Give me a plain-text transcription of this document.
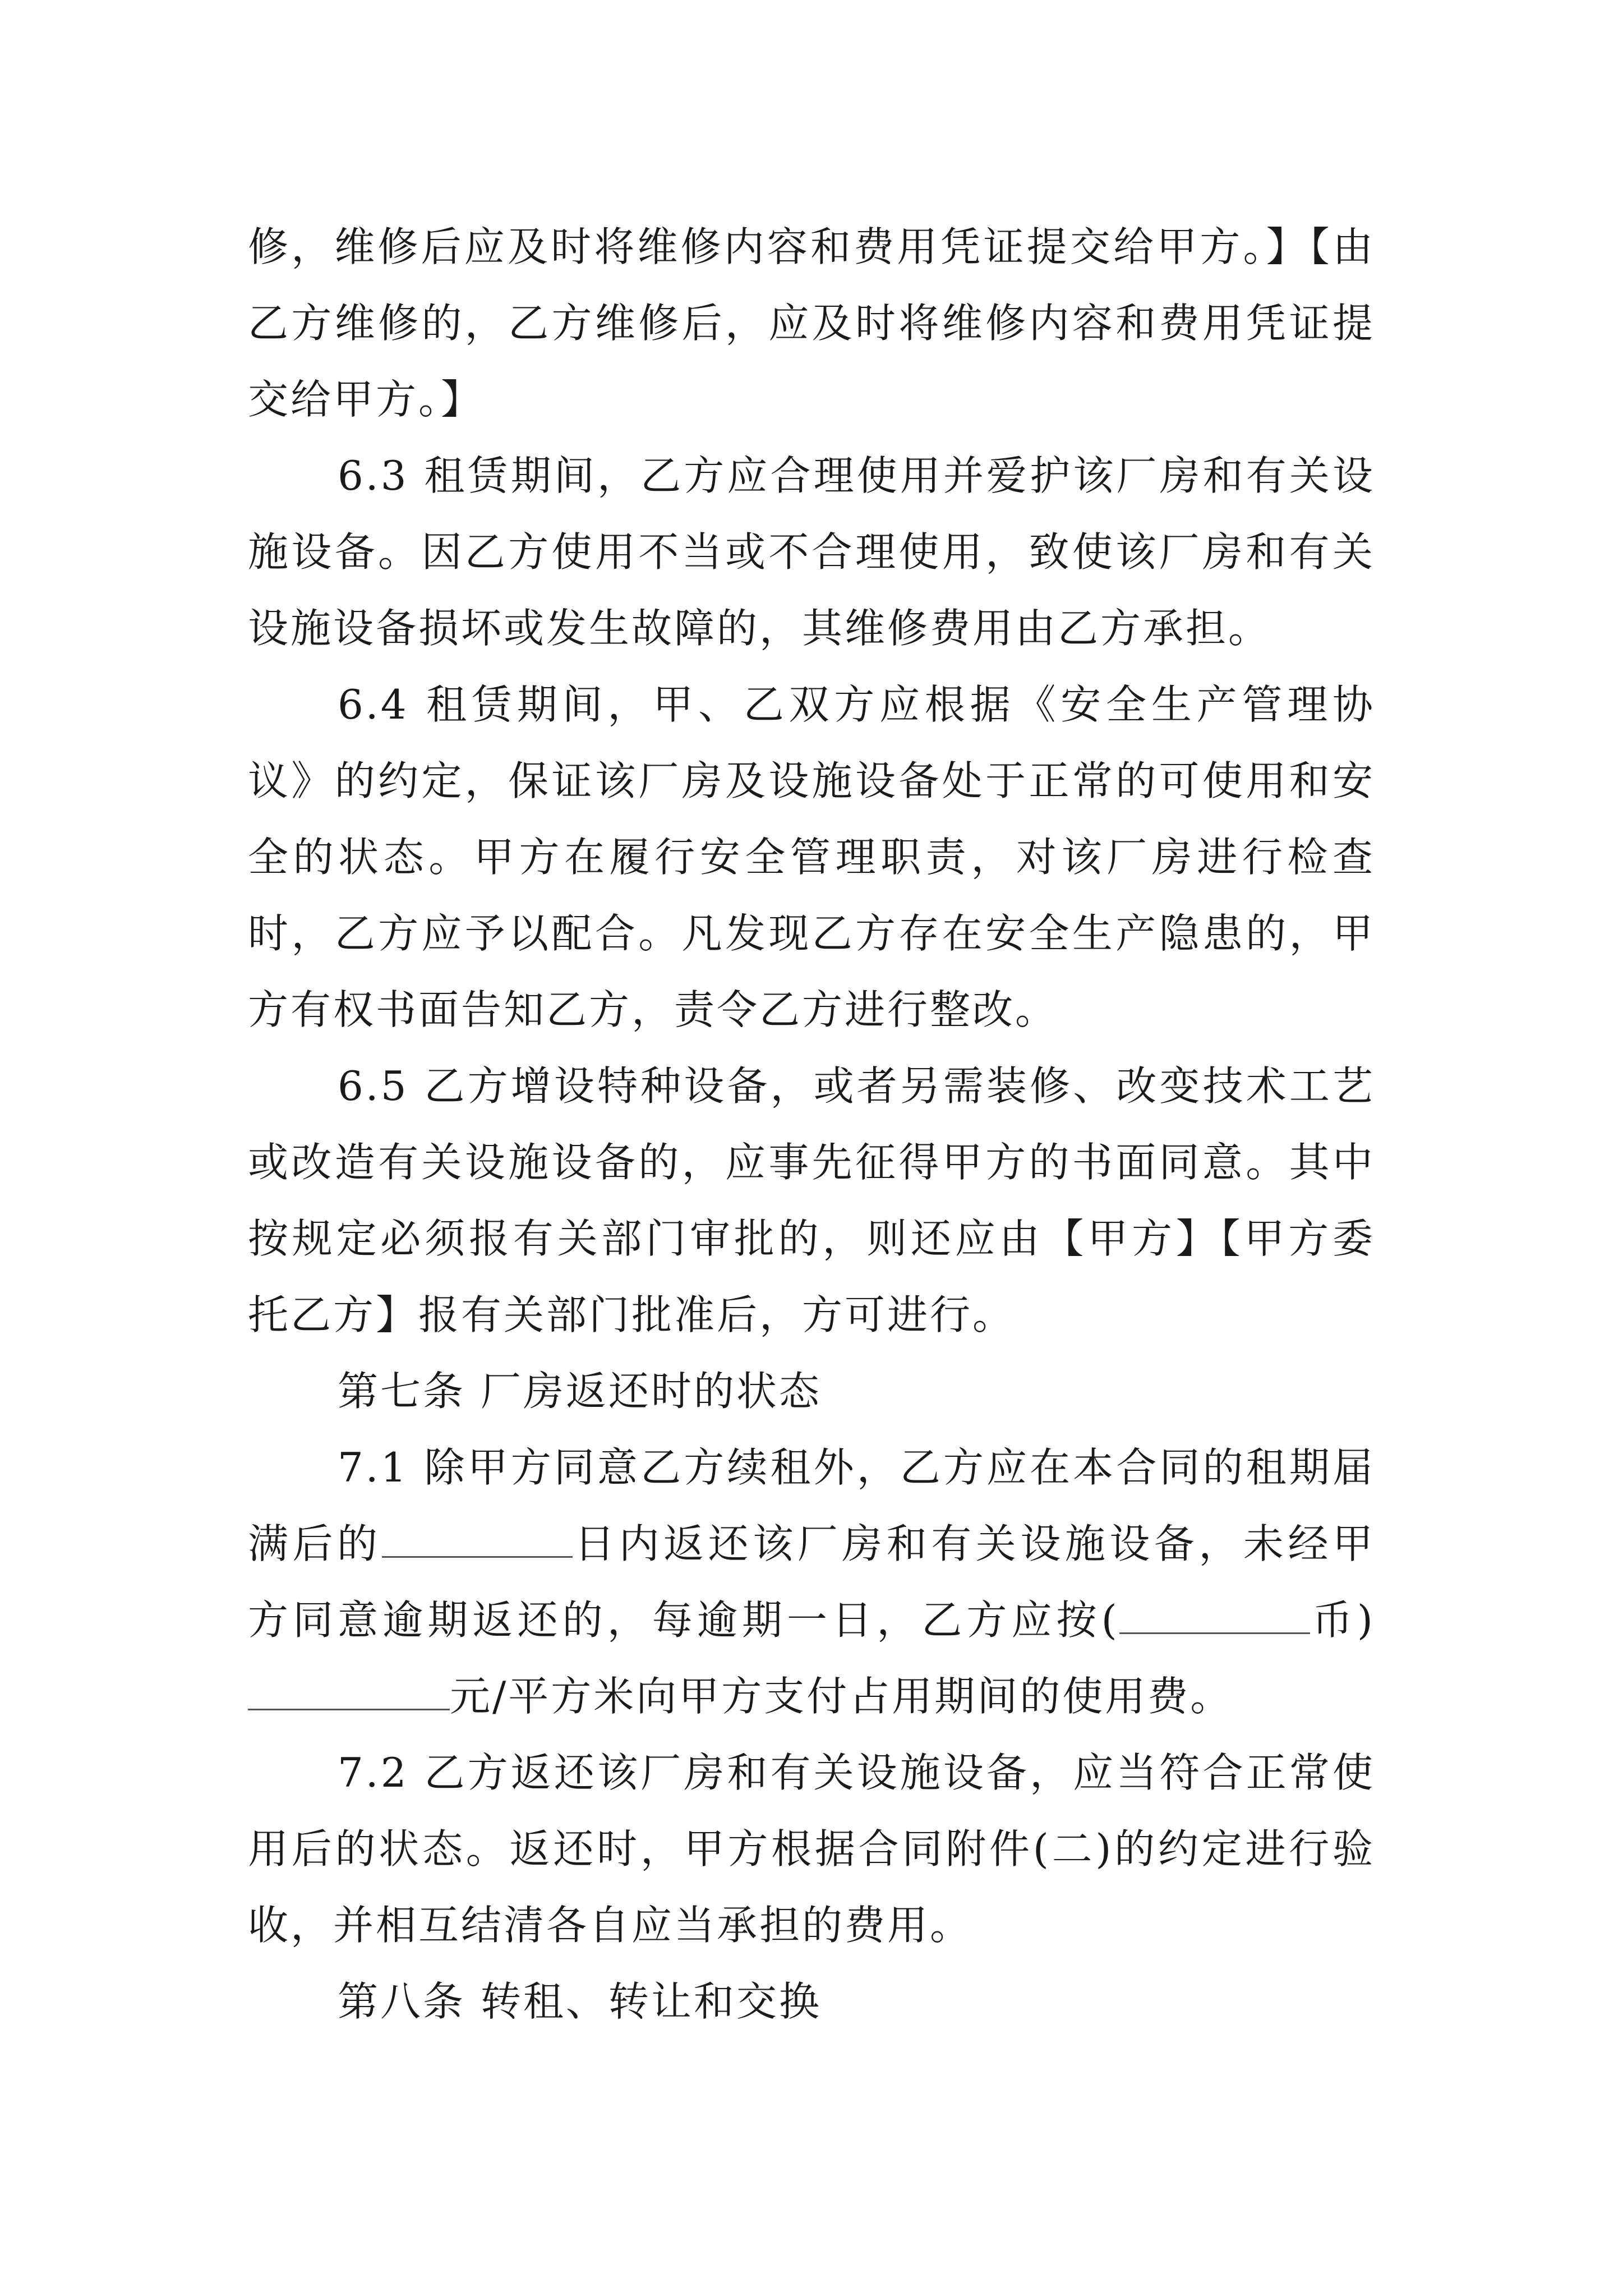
修，维修后应及时将维修内容和费用凭证提交给甲方。】【由乙方维修的，乙方维修后，应及时将维修内容和费用凭证提交给甲方。】

6.3 租赁期间，乙方应合理使用并爱护该厂房和有关设施设备。因乙方使用不当或不合理使用，致使该厂房和有关设施设备损坏或发生故障的，其维修费用由乙方承担。

6.4 租赁期间，甲、乙双方应根据《安全生产管理协议》的约定，保证该厂房及设施设备处于正常的可使用和安全的状态。甲方在履行安全管理职责，对该厂房进行检查时，乙方应予以配合。凡发现乙方存在安全生产隐患的，甲方有权书面告知乙方，责令乙方进行整改。

6.5 乙方增设特种设备，或者另需装修、改变技术工艺或改造有关设施设备的，应事先征得甲方的书面同意。其中按规定必须报有关部门审批的，则还应由【甲方】【甲方委托乙方】报有关部门批准后，方可进行。

第七条 厂房返还时的状态

7.1 除甲方同意乙方续租外，乙方应在本合同的租期届满后的	日内返还该厂房和有关设施设备，未经甲方同意逾期返还的，每逾期一日，乙方应按(	币)元/平方米向甲方支付占用期间的使用费。

7.2 乙方返还该厂房和有关设施设备，应当符合正常使用后的状态。返还时，甲方根据合同附件(二)的约定进行验收，并相互结清各自应当承担的费用。

第八条 转租、转让和交换
